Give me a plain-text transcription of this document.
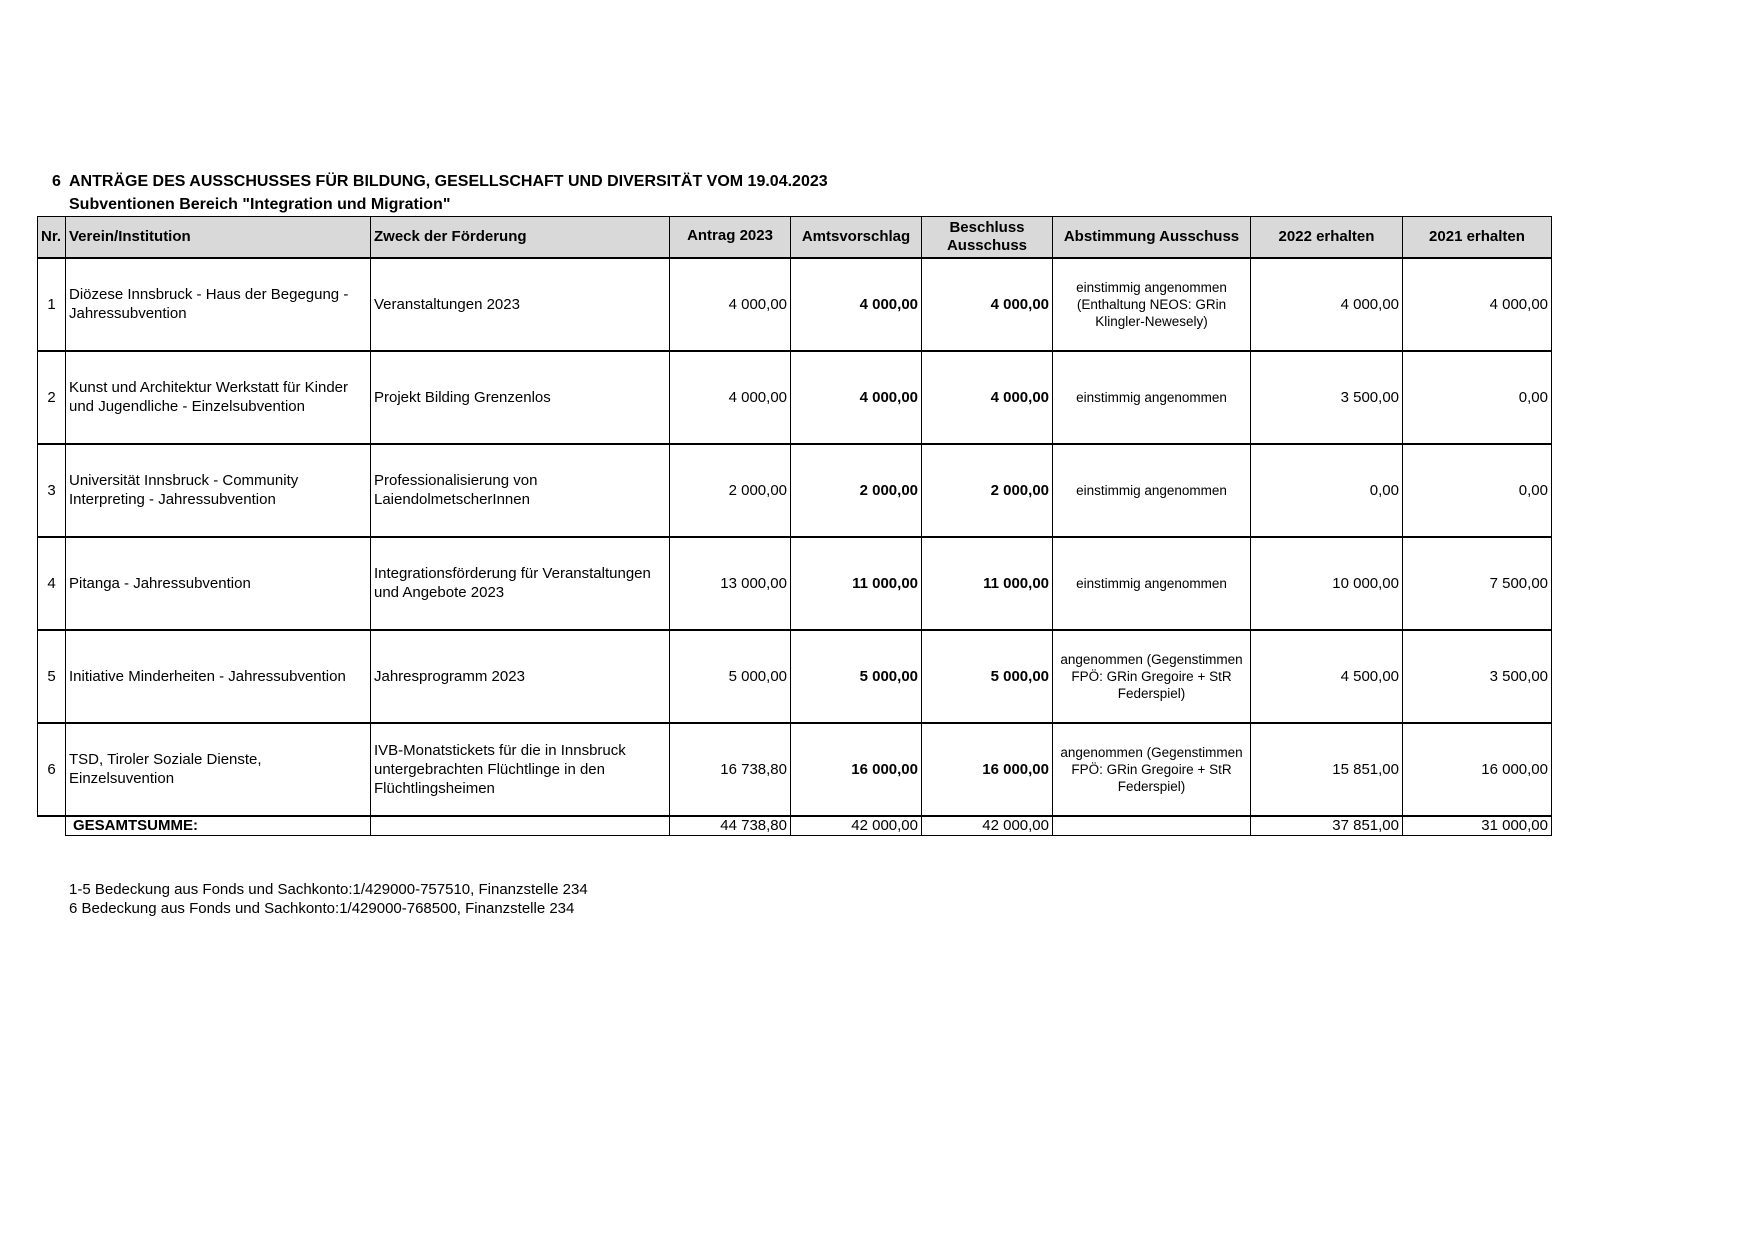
6 ANTRÄGE DES AUSSCHUSSES FÜR BILDUNG, GESELLSCHAFT UND DIVERSITÄT VOM 19.04.2023
Subventionen Bereich "Integration und Migration"
Nr.	Verein/Institution	Zweck der Förderung	Antrag 2023	Amtsvorschlag	Beschluss Ausschuss	Abstimmung Ausschuss	2022 erhalten	2021 erhalten
1	Diözese Innsbruck - Haus der Begegung - Jahressubvention	Veranstaltungen 2023	4 000,00	4 000,00	4 000,00	einstimmig angenommen (Enthaltung NEOS: GRin Klingler-Newesely)	4 000,00	4 000,00
2	Kunst und Architektur Werkstatt für Kinder und Jugendliche - Einzelsubvention	Projekt Bilding Grenzenlos	4 000,00	4 000,00	4 000,00	einstimmig angenommen	3 500,00	0,00
3	Universität Innsbruck - Community Interpreting - Jahressubvention	Professionalisierung von LaiendolmetscherInnen	2 000,00	2 000,00	2 000,00	einstimmig angenommen	0,00	0,00
4	Pitanga - Jahressubvention	Integrationsförderung für Veranstaltungen und Angebote 2023	13 000,00	11 000,00	11 000,00	einstimmig angenommen	10 000,00	7 500,00
5	Initiative Minderheiten - Jahressubvention	Jahresprogramm 2023	5 000,00	5 000,00	5 000,00	angenommen (Gegenstimmen FPÖ: GRin Gregoire + StR Federspiel)	4 500,00	3 500,00
6	TSD, Tiroler Soziale Dienste, Einzelsuvention	IVB-Monatstickets für die in Innsbruck untergebrachten Flüchtlinge in den Flüchtlingsheimen	16 738,80	16 000,00	16 000,00	angenommen (Gegenstimmen FPÖ: GRin Gregoire + StR Federspiel)	15 851,00	16 000,00
	GESAMTSUMME:		44 738,80	42 000,00	42 000,00		37 851,00	31 000,00
1-5 Bedeckung aus Fonds und Sachkonto:1/429000-757510, Finanzstelle 234
6 Bedeckung aus Fonds und Sachkonto:1/429000-768500, Finanzstelle 234
